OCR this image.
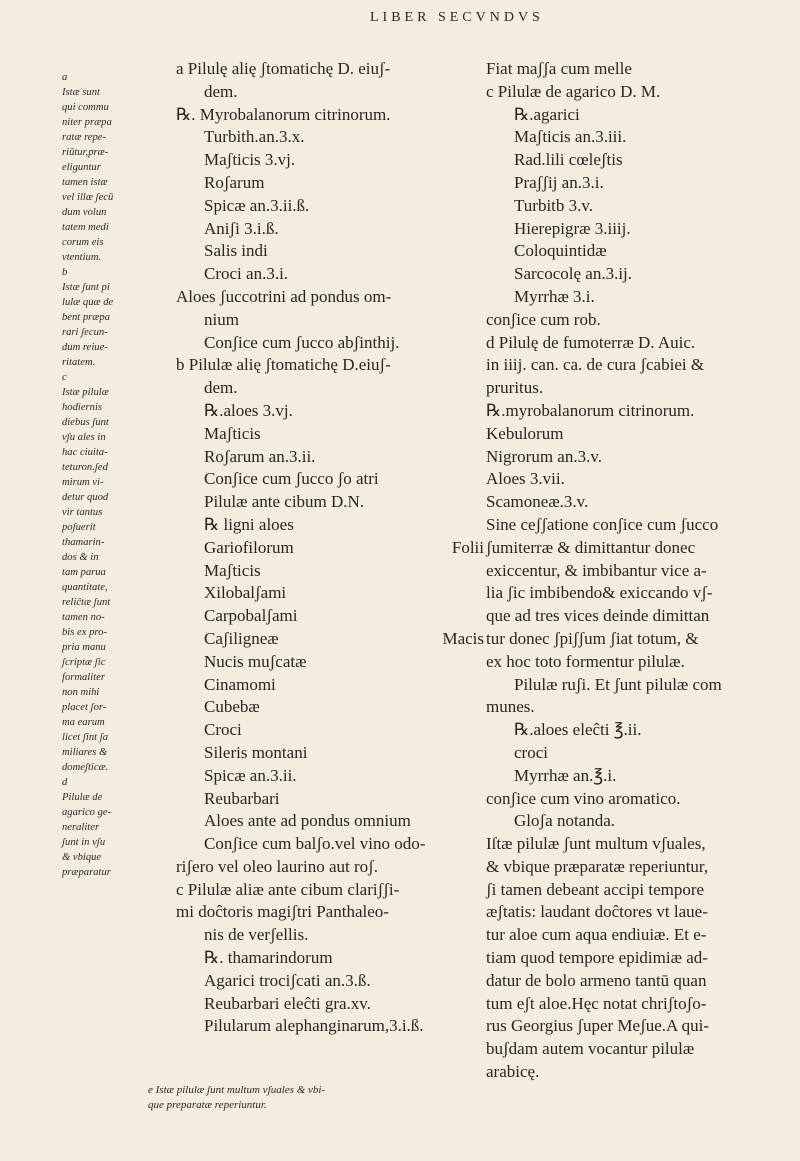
LIBER SECVNDVS
a
Istæ sunt
qui commu
niter præpa
ratæ repe-
riūtur,præ-
eliguntur
tamen istæ
vel illæ ʃecū
dum volun
tatem medi
corum eis
vtentium.
b
Istæ ʃunt pi
lulæ quæ de
bent præpa
rari ʃecun-
dum reiue-
ritatem.
c
Istæ pilulæ
hodiernis
diebus ʃunt
vʃu ales in
hac ciuita-
teturon.ʃed
mirum vi-
detur quod
vir tantus
poʃuerit
thamarin-
dos & in
tam parua
quantitate,
reliĉtæ ʃunt
tamen no-
bis ex pro-
pria manu
ʃcriptæ ʃic
formaliter
non mihi
placet ʃor-
ma earum
licet ʃint ʃa
miliares &
domeʃticæ.
d
Pilulæ de
agarico ge-
neraliter
ʃunt in vʃu
& vbique
præparatur
a Pilulę alię ʃtomatichę D. eiuʃ-
dem.
℞. Myrobalanorum citrinorum.
Turbith.an.3.x.
Maʃticis 3.vj.
Roʃarum
Spicæ an.3.ii.ß.
Aniʃi 3.i.ß.
Salis indi
Croci an.3.i.
Aloes ʃuccotrini ad pondus om-
nium
Conʃice cum ʃucco abʃinthij.
b Pilulæ alię ʃtomatichę D.eiuʃ-
dem.
℞.aloes 3.vj.
Maʃticis
Roʃarum an.3.ii.
Conʃice cum ʃucco ʃo atri
Pilulæ ante cibum D.N.
℞ ligni aloes
Gariofilorum	Folii
Maʃticis
Xilobalʃami
Carpobalʃami
Caʃiligneæ	Macis
Nucis muʃcatæ
Cinamomi
Cubebæ
Croci
Sileris montani
Spicæ an.3.ii.
Reubarbari
Aloes ante ad pondus omnium
Conʃice cum balʃo.vel vino odo-
riʃero vel oleo laurino aut roʃ.
c Pilulæ aliæ ante cibum clariʃʃi-
mi doĉtoris magiʃtri Panthaleo-
nis de verʃellis.
℞. thamarindorum
Agarici trociʃcati an.3.ß.
Reubarbari eleĉti gra.xv.
Pilularum alephanginarum,3.i.ß.
Fiat maʃʃa cum melle
c Pilulæ de agarico D. M.
℞.agarici
Maʃticis an.3.iii.
Rad.lili cœleʃtis
Praʃʃij an.3.i.
Turbitb 3.v.
Hierepigræ 3.iiij.
Coloquintidæ
Sarcocolę an.3.ij.
Myrrhæ 3.i.
conʃice cum rob.
d Pilulę de fumoterræ D. Auic.
in iiij. can. ca. de cura ʃcabiei &
pruritus.
℞.myrobalanorum citrinorum.
Kebulorum
Nigrorum an.3.v.
Aloes 3.vii.
Scamoneæ.3.v.
Sine ceʃʃatione conʃice cum ʃucco
ʃumiterræ & dimittantur donec
exiccentur, & imbibantur vice a-
lia ʃic imbibendo& exiccando vʃ-
que ad tres vices deinde dimittan
tur donec ʃpiʃʃum ʃiat totum, &
ex hoc toto formentur pilulæ.
Pilulæ ruʃi. Et ʃunt pilulæ com
munes.
℞.aloes eleĉti ℥.ii.
croci
Myrrhæ an.℥.i.
conʃice cum vino aromatico.
Gloʃa notanda.
Iſtæ pilulæ ʃunt multum vʃuales,
& vbique præparatæ reperiuntur,
ʃi tamen debeant accipi tempore
æʃtatis: laudant doĉtores vt laue-
tur aloe cum aqua endiuiæ. Et e-
tiam quod tempore epidimiæ ad-
datur de bolo armeno tantū quan
tum eʃt aloe.Hęc notat chriʃtoʃo-
rus Georgius ʃuper Meʃue.A qui-
buʃdam autem vocantur pilulæ
arabicę.
e Istæ pilulæ ʃunt multum vʃuales & vbi-
que preparatæ reperiuntur.
